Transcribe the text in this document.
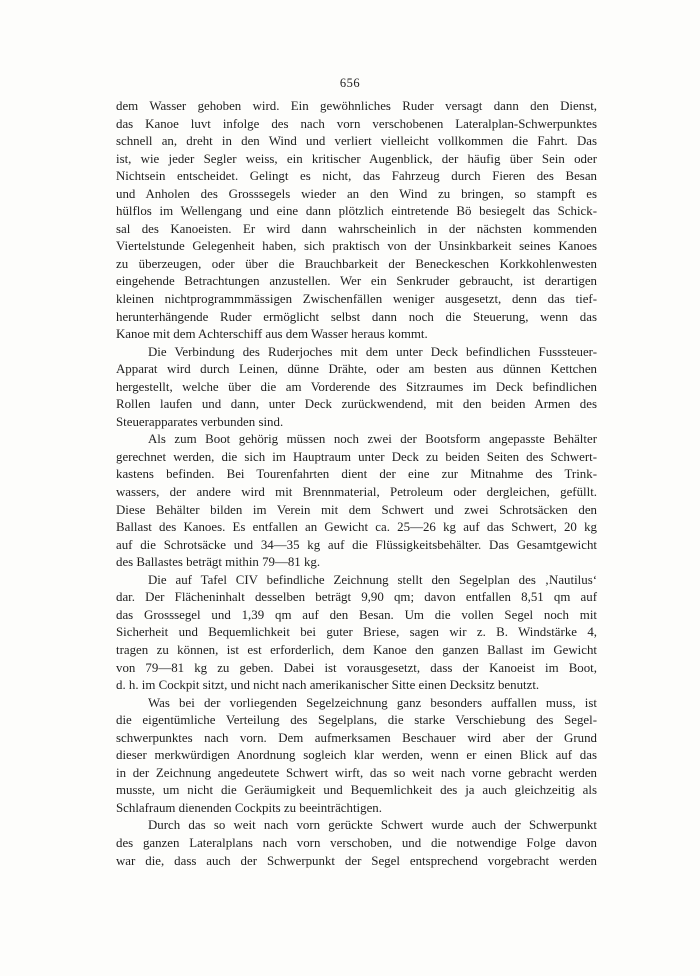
656
dem Wasser gehoben wird. Ein gewöhnliches Ruder versagt dann den Dienst,
das Kanoe luvt infolge des nach vorn verschobenen Lateralplan-Schwerpunktes
schnell an, dreht in den Wind und verliert vielleicht vollkommen die Fahrt. Das
ist, wie jeder Segler weiss, ein kritischer Augenblick, der häufig über Sein oder
Nichtsein entscheidet. Gelingt es nicht, das Fahrzeug durch Fieren des Besan
und Anholen des Grosssegels wieder an den Wind zu bringen, so stampft es
hülflos im Wellengang und eine dann plötzlich eintretende Bö besiegelt das Schick-
sal des Kanoeisten. Er wird dann wahrscheinlich in der nächsten kommenden
Viertelstunde Gelegenheit haben, sich praktisch von der Unsinkbarkeit seines Kanoes
zu überzeugen, oder über die Brauchbarkeit der Beneckeschen Korkkohlenwesten
eingehende Betrachtungen anzustellen. Wer ein Senkruder gebraucht, ist derartigen
kleinen nichtprogrammmässigen Zwischenfällen weniger ausgesetzt, denn das tief-
herunterhängende Ruder ermöglicht selbst dann noch die Steuerung, wenn das
Kanoe mit dem Achterschiff aus dem Wasser heraus kommt.
Die Verbindung des Ruderjoches mit dem unter Deck befindlichen Fusssteuer-
Apparat wird durch Leinen, dünne Drähte, oder am besten aus dünnen Kettchen
hergestellt, welche über die am Vorderende des Sitzraumes im Deck befindlichen
Rollen laufen und dann, unter Deck zurückwendend, mit den beiden Armen des
Steuerapparates verbunden sind.
Als zum Boot gehörig müssen noch zwei der Bootsform angepasste Behälter
gerechnet werden, die sich im Hauptraum unter Deck zu beiden Seiten des Schwert-
kastens befinden. Bei Tourenfahrten dient der eine zur Mitnahme des Trink-
wassers, der andere wird mit Brennmaterial, Petroleum oder dergleichen, gefüllt.
Diese Behälter bilden im Verein mit dem Schwert und zwei Schrotsäcken den
Ballast des Kanoes. Es entfallen an Gewicht ca. 25—26 kg auf das Schwert, 20 kg
auf die Schrotsäcke und 34—35 kg auf die Flüssigkeitsbehälter. Das Gesamtgewicht
des Ballastes beträgt mithin 79—81 kg.
Die auf Tafel CIV befindliche Zeichnung stellt den Segelplan des ‚Nautilus‘
dar. Der Flächeninhalt desselben beträgt 9,90 qm; davon entfallen 8,51 qm auf
das Grosssegel und 1,39 qm auf den Besan. Um die vollen Segel noch mit
Sicherheit und Bequemlichkeit bei guter Briese, sagen wir z. B. Windstärke 4,
tragen zu können, ist est erforderlich, dem Kanoe den ganzen Ballast im Gewicht
von 79—81 kg zu geben. Dabei ist vorausgesetzt, dass der Kanoeist im Boot,
d. h. im Cockpit sitzt, und nicht nach amerikanischer Sitte einen Decksitz benutzt.
Was bei der vorliegenden Segelzeichnung ganz besonders auffallen muss, ist
die eigentümliche Verteilung des Segelplans, die starke Verschiebung des Segel-
schwerpunktes nach vorn. Dem aufmerksamen Beschauer wird aber der Grund
dieser merkwürdigen Anordnung sogleich klar werden, wenn er einen Blick auf das
in der Zeichnung angedeutete Schwert wirft, das so weit nach vorne gebracht werden
musste, um nicht die Geräumigkeit und Bequemlichkeit des ja auch gleichzeitig als
Schlafraum dienenden Cockpits zu beeinträchtigen.
Durch das so weit nach vorn gerückte Schwert wurde auch der Schwerpunkt
des ganzen Lateralplans nach vorn verschoben, und die notwendige Folge davon
war die, dass auch der Schwerpunkt der Segel entsprechend vorgebracht werden
